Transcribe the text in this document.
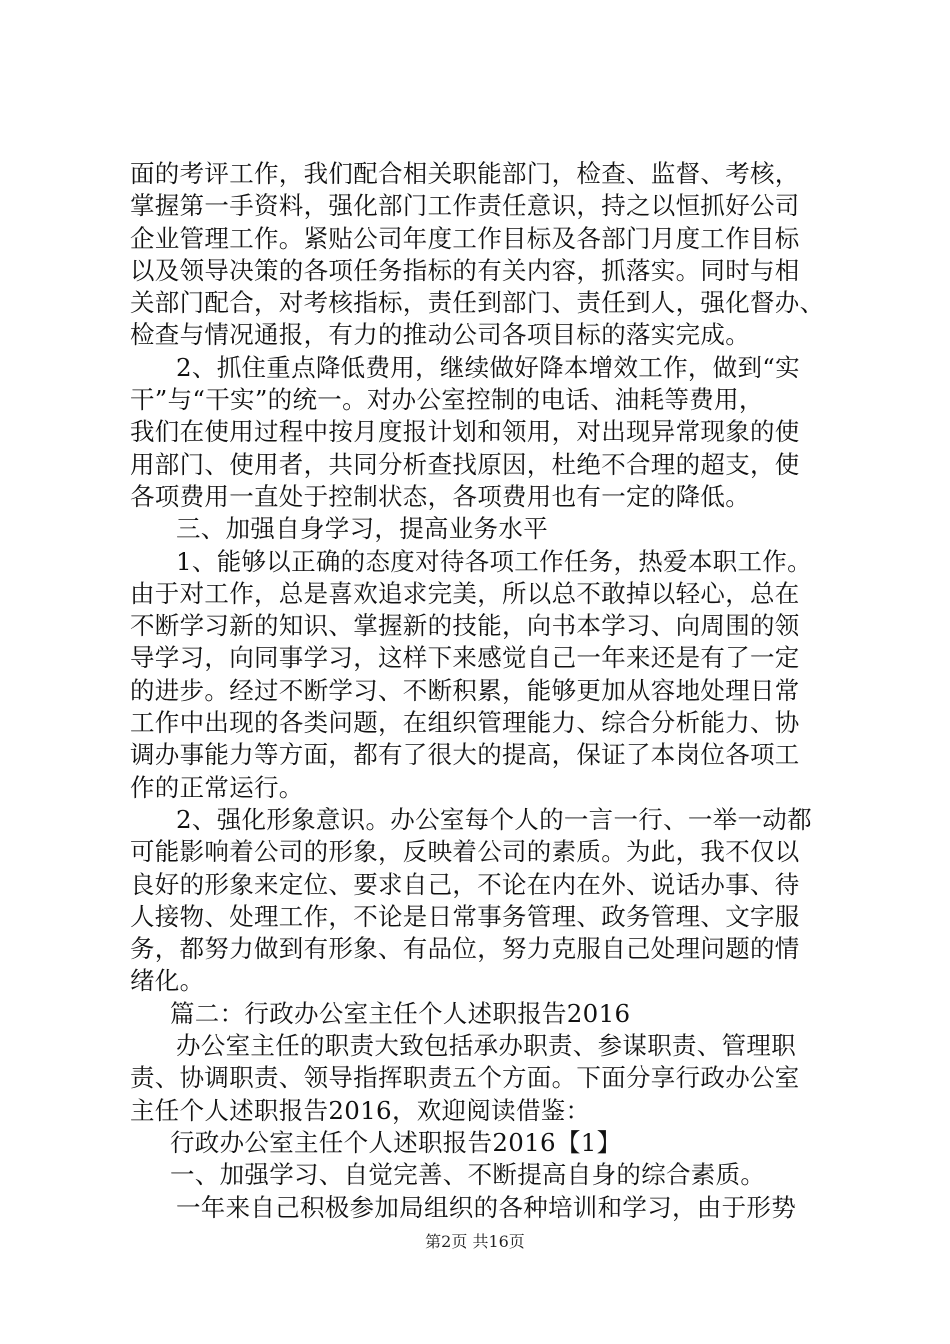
面的考评工作，我们配合相关职能部门，检查、监督、考核，
掌握第一手资料，强化部门工作责任意识，持之以恒抓好公司
企业管理工作。紧贴公司年度工作目标及各部门月度工作目标
以及领导决策的各项任务指标的有关内容，抓落实。同时与相
关部门配合，对考核指标，责任到部门、责任到人，强化督办、
检查与情况通报，有力的推动公司各项目标的落实完成。
2、抓住重点降低费用，继续做好降本增效工作，做到“实
干”与“干实”的统一。对办公室控制的电话、油耗等费用，
我们在使用过程中按月度报计划和领用，对出现异常现象的使
用部门、使用者，共同分析查找原因，杜绝不合理的超支，使
各项费用一直处于控制状态，各项费用也有一定的降低。
三、加强自身学习，提高业务水平
1、能够以正确的态度对待各项工作任务，热爱本职工作。
由于对工作，总是喜欢追求完美，所以总不敢掉以轻心，总在
不断学习新的知识、掌握新的技能，向书本学习、向周围的领
导学习，向同事学习，这样下来感觉自己一年来还是有了一定
的进步。经过不断学习、不断积累，能够更加从容地处理日常
工作中出现的各类问题，在组织管理能力、综合分析能力、协
调办事能力等方面，都有了很大的提高，保证了本岗位各项工
作的正常运行。
2、强化形象意识。办公室每个人的一言一行、一举一动都
可能影响着公司的形象，反映着公司的素质。为此，我不仅以
良好的形象来定位、要求自己，不论在内在外、说话办事、待
人接物、处理工作，不论是日常事务管理、政务管理、文字服
务，都努力做到有形象、有品位，努力克服自己处理问题的情
绪化。
篇二：行政办公室主任个人述职报告2016
办公室主任的职责大致包括承办职责、参谋职责、管理职
责、协调职责、领导指挥职责五个方面。下面分享行政办公室
主任个人述职报告2016，欢迎阅读借鉴：
行政办公室主任个人述职报告2016【1】
一、加强学习、自觉完善、不断提高自身的综合素质。
一年来自己积极参加局组织的各种培训和学习，由于形势
第2页 共16页
